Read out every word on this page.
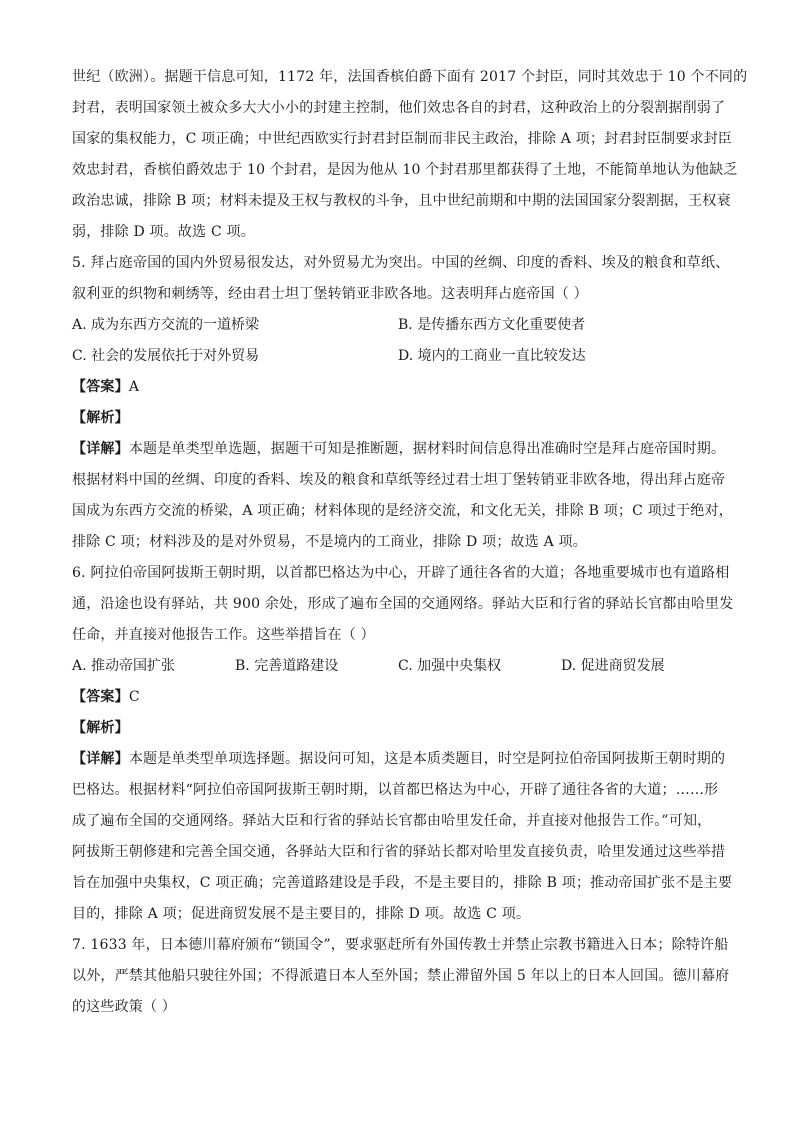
世纪（欧洲）。据题干信息可知，1172 年，法国香槟伯爵下面有 2017 个封臣，同时其效忠于 10 个不同的
封君，表明国家领土被众多大大小小的封建主控制，他们效忠各自的封君，这种政治上的分裂割据削弱了
国家的集权能力，C 项正确；中世纪西欧实行封君封臣制而非民主政治，排除 A 项；封君封臣制要求封臣
效忠封君，香槟伯爵效忠于 10 个封君，是因为他从 10 个封君那里都获得了土地，不能简单地认为他缺乏
政治忠诚，排除 B 项；材料未提及王权与教权的斗争，且中世纪前期和中期的法国国家分裂割据，王权衰
弱，排除 D 项。故选 C 项。
5. 拜占庭帝国的国内外贸易很发达，对外贸易尤为突出。中国的丝绸、印度的香料、埃及的粮食和草纸、
叙利亚的织物和刺绣等，经由君士坦丁堡转销亚非欧各地。这表明拜占庭帝国（ ）
A. 成为东西方交流的一道桥梁	B. 是传播东西方文化重要使者
C. 社会的发展依托于对外贸易	D. 境内的工商业一直比较发达
【答案】A
【解析】
【详解】本题是单类型单选题，据题干可知是推断题，据材料时间信息得出准确时空是拜占庭帝国时期。
根据材料中国的丝绸、印度的香料、埃及的粮食和草纸等经过君士坦丁堡转销亚非欧各地，得出拜占庭帝
国成为东西方交流的桥梁，A 项正确；材料体现的是经济交流，和文化无关，排除 B 项；C 项过于绝对，
排除 C 项；材料涉及的是对外贸易，不是境内的工商业，排除 D 项；故选 A 项。
6. 阿拉伯帝国阿拔斯王朝时期，以首都巴格达为中心，开辟了通往各省的大道；各地重要城市也有道路相
通，沿途也设有驿站，共 900 余处，形成了遍布全国的交通网络。驿站大臣和行省的驿站长官都由哈里发
任命，并直接对他报告工作。这些举措旨在（ ）
A. 推动帝国扩张	B. 完善道路建设	C. 加强中央集权	D. 促进商贸发展
【答案】C
【解析】
【详解】本题是单类型单项选择题。据设问可知，这是本质类题目，时空是阿拉伯帝国阿拔斯王朝时期的
巴格达。根据材料“阿拉伯帝国阿拔斯王朝时期，以首都巴格达为中心，开辟了通往各省的大道；……形
成了遍布全国的交通网络。驿站大臣和行省的驿站长官都由哈里发任命，并直接对他报告工作。”可知，
阿拔斯王朝修建和完善全国交通，各驿站大臣和行省的驿站长都对哈里发直接负责，哈里发通过这些举措
旨在加强中央集权，C 项正确；完善道路建设是手段，不是主要目的，排除 B 项；推动帝国扩张不是主要
目的，排除 A 项；促进商贸发展不是主要目的，排除 D 项。故选 C 项。
7. 1633 年，日本德川幕府颁布“锁国令”，要求驱赶所有外国传教士并禁止宗教书籍进入日本；除特许船
以外，严禁其他船只驶往外国；不得派遣日本人至外国；禁止滞留外国 5 年以上的日本人回国。德川幕府
的这些政策（ ）
